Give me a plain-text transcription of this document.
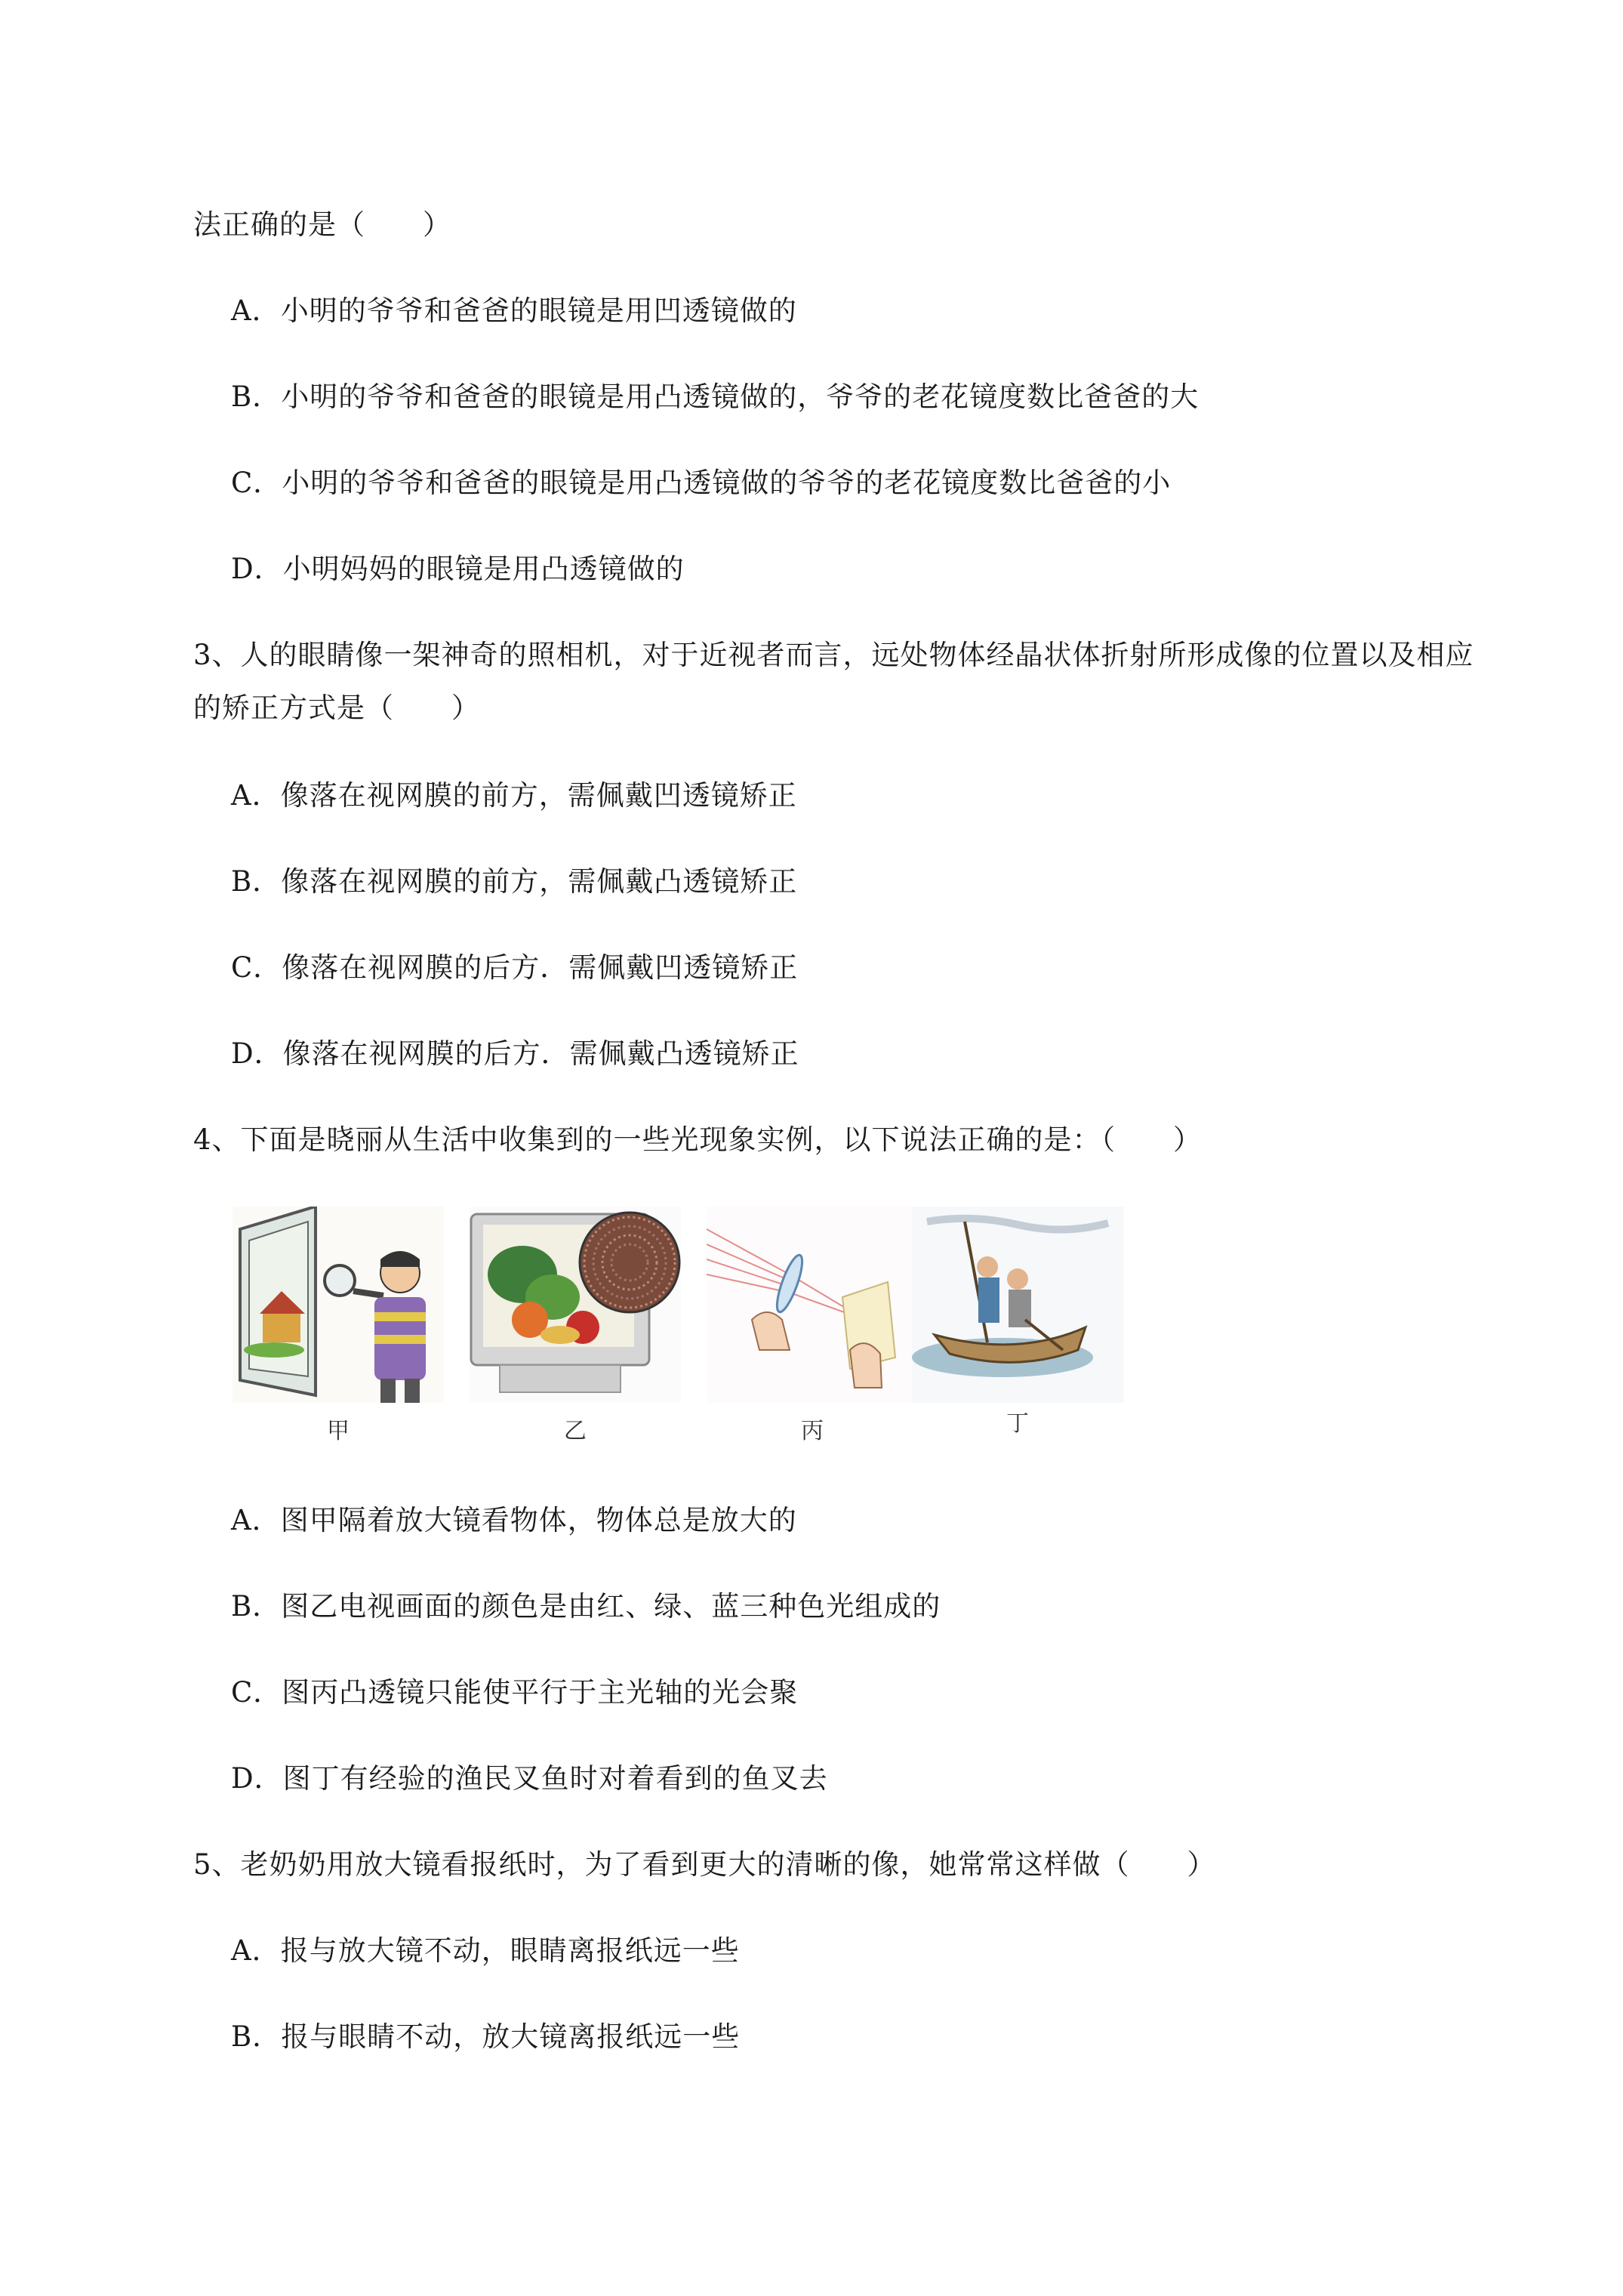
法正确的是（　　）
A．小明的爷爷和爸爸的眼镜是用凹透镜做的
B．小明的爷爷和爸爸的眼镜是用凸透镜做的，爷爷的老花镜度数比爸爸的大
C．小明的爷爷和爸爸的眼镜是用凸透镜做的爷爷的老花镜度数比爸爸的小
D．小明妈妈的眼镜是用凸透镜做的
3、人的眼睛像一架神奇的照相机，对于近视者而言，远处物体经晶状体折射所形成像的位置以及相应
的矫正方式是（　　）
A．像落在视网膜的前方，需佩戴凹透镜矫正
B．像落在视网膜的前方，需佩戴凸透镜矫正
C．像落在视网膜的后方．需佩戴凹透镜矫正
D．像落在视网膜的后方．需佩戴凸透镜矫正
4、下面是晓丽从生活中收集到的一些光现象实例，以下说法正确的是：（　　）
甲	乙	丙	丁
A．图甲隔着放大镜看物体，物体总是放大的
B．图乙电视画面的颜色是由红、绿、蓝三种色光组成的
C．图丙凸透镜只能使平行于主光轴的光会聚
D．图丁有经验的渔民叉鱼时对着看到的鱼叉去
5、老奶奶用放大镜看报纸时，为了看到更大的清晰的像，她常常这样做（　　）
A．报与放大镜不动，眼睛离报纸远一些
B．报与眼睛不动，放大镜离报纸远一些
